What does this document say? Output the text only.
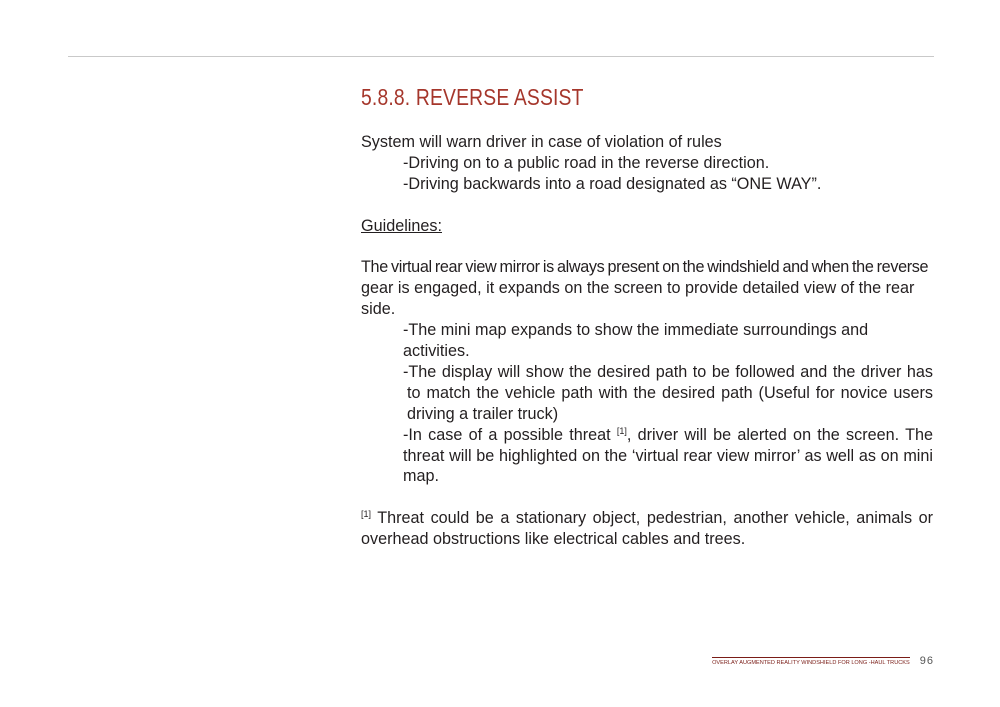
5.8.8. REVERSE ASSIST

System will warn driver in case of violation of rules

-Driving on to a public road in the reverse direction.

-Driving backwards into a road designated as “ONE WAY”.

Guidelines:

The virtual rear view mirror is always present on the windshield and when the reverse

gear is engaged, it expands on the screen to provide detailed view of the rear side.

-The mini map expands to show the immediate surroundings and activities.

-The display will show the desired path to be followed and the driver has to match the vehicle path with the desired path (Useful for novice users driving a trailer truck)

-In case of a possible threat [1], driver will be alerted on the screen. The threat will be highlighted on the ‘virtual rear view mirror’ as well as on mini map.

[1] Threat could be a stationary object, pedestrian, another vehicle, animals or overhead obstructions like electrical cables and trees.

OVERLAY AUGMENTED REALITY WINDSHIELD FOR LONG -HAUL TRUCKS 96
